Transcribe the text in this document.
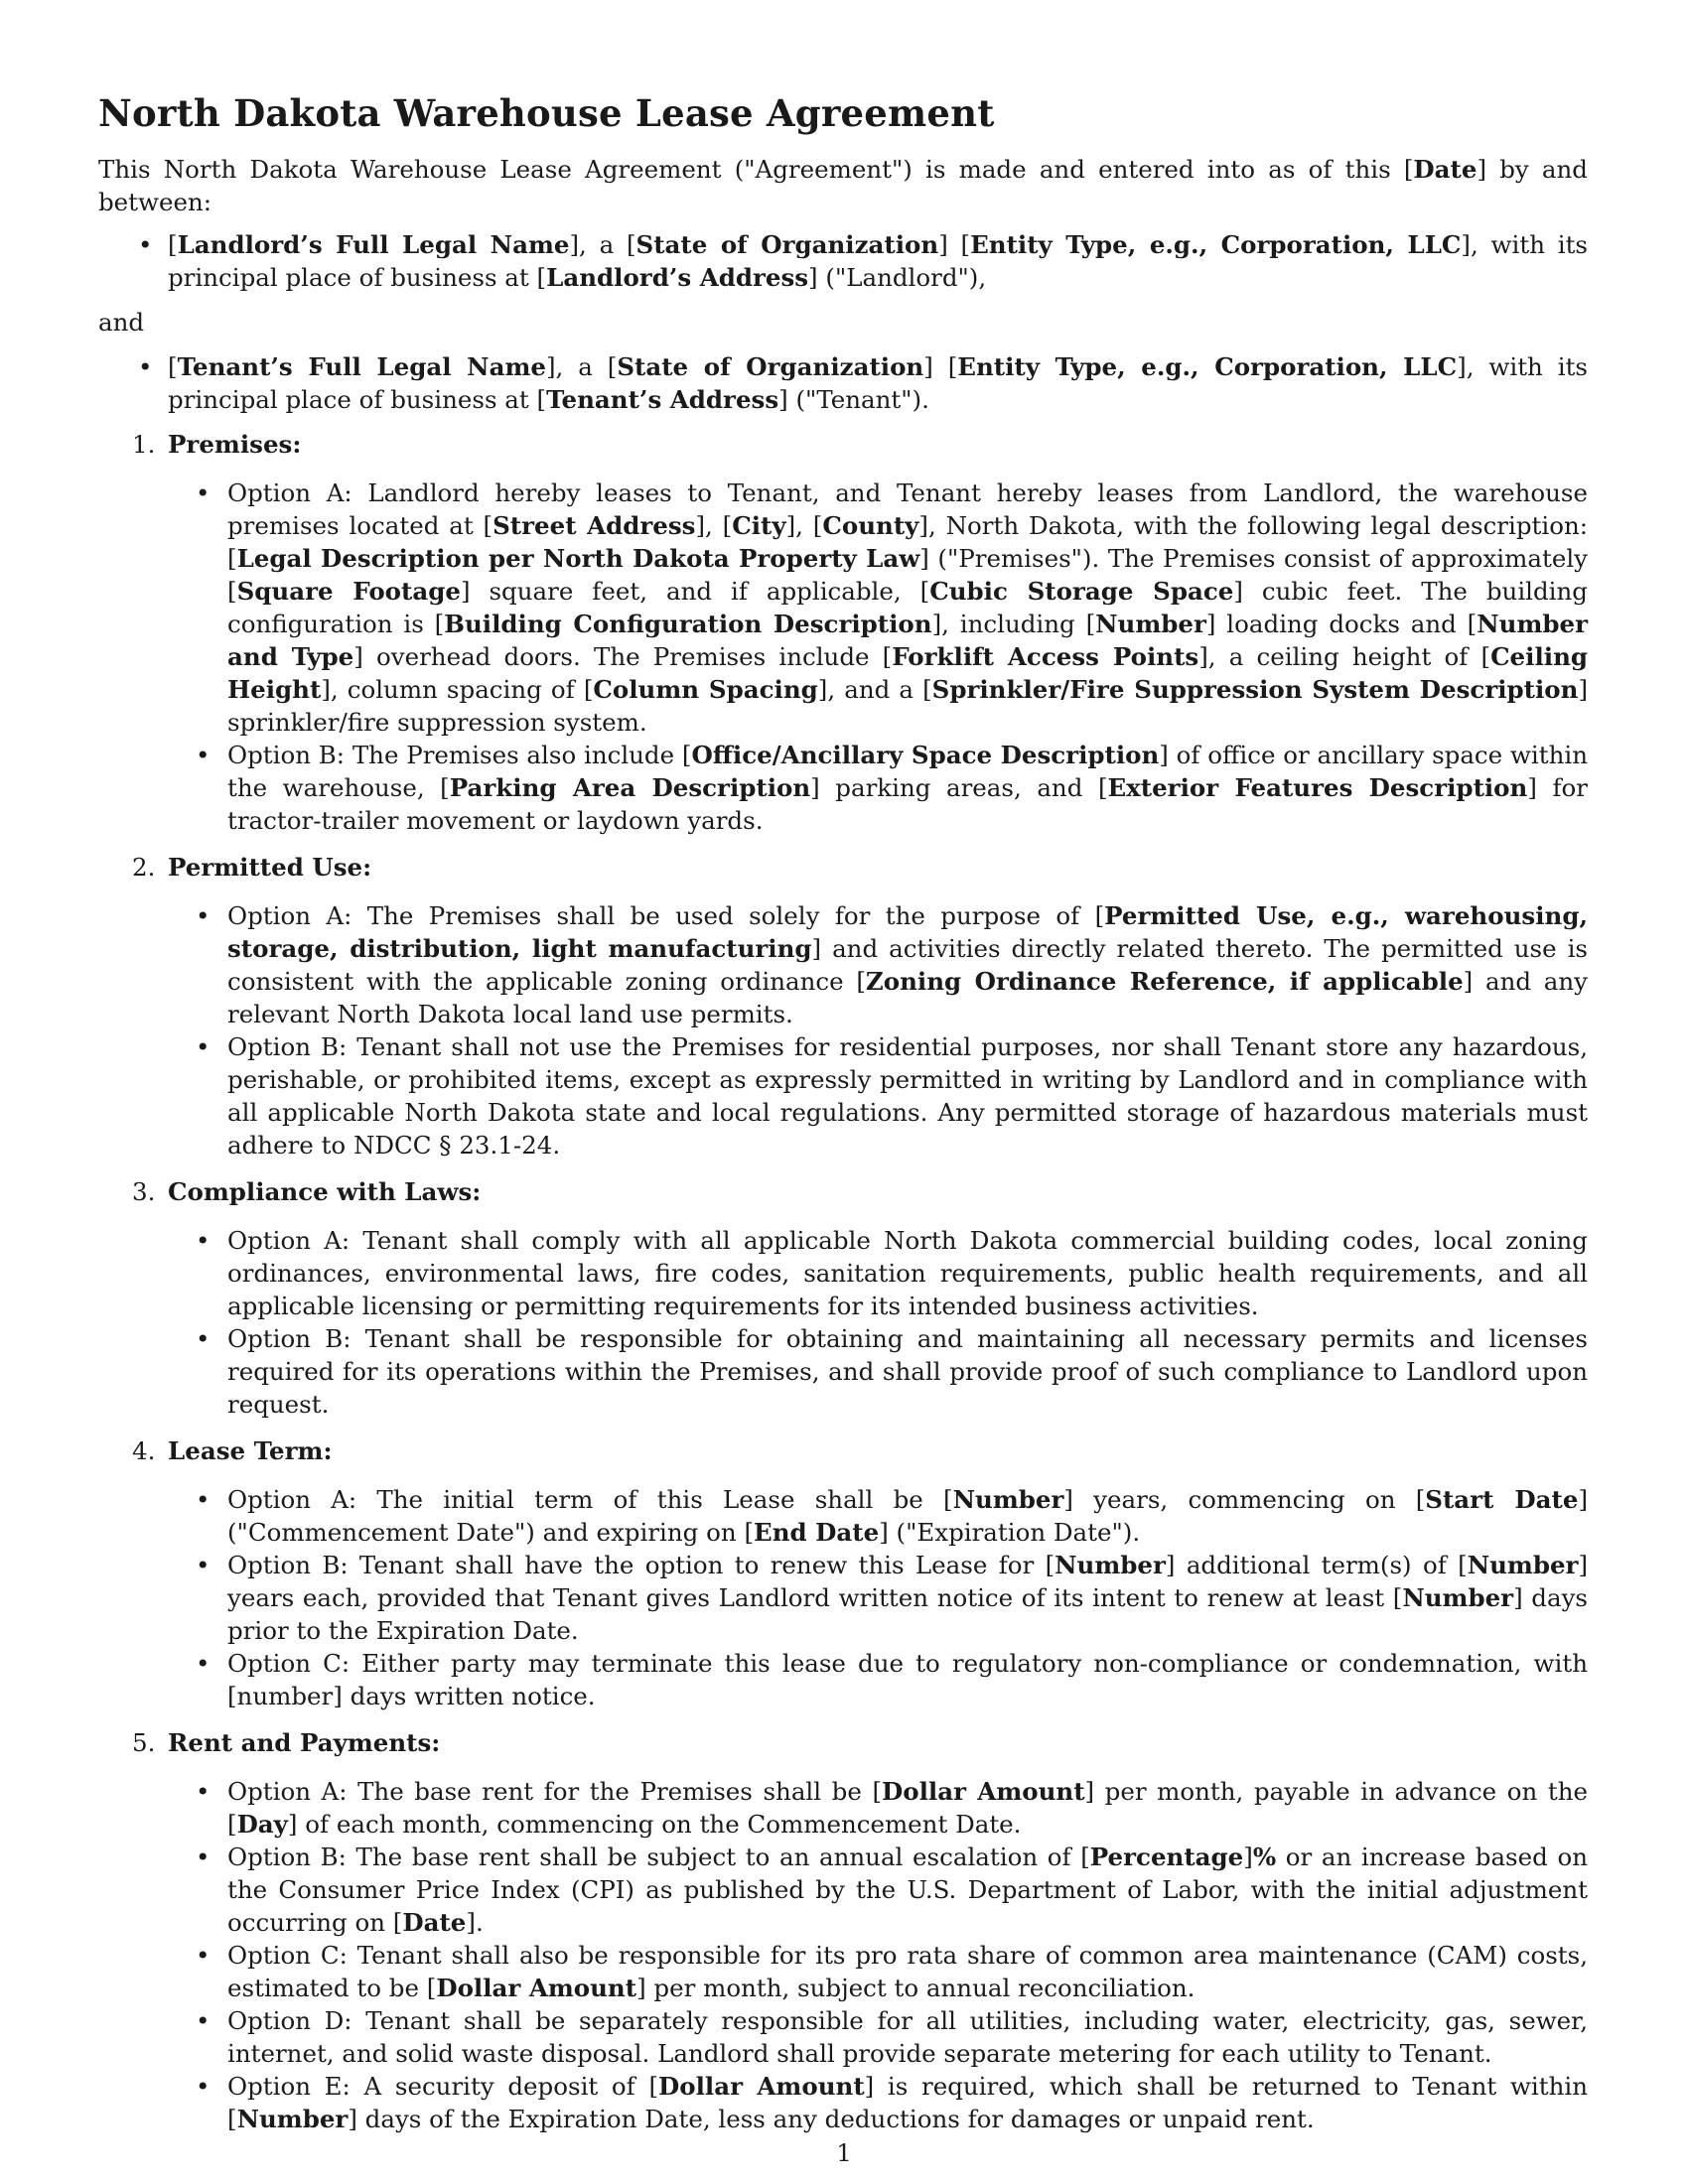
North Dakota Warehouse Lease Agreement

This North Dakota Warehouse Lease Agreement ("Agreement") is made and entered into as of this [Date] by and between:

• [Landlord’s Full Legal Name], a [State of Organization] [Entity Type, e.g., Corporation, LLC], with its principal place of business at [Landlord’s Address] ("Landlord"),

and

• [Tenant’s Full Legal Name], a [State of Organization] [Entity Type, e.g., Corporation, LLC], with its principal place of business at [Tenant’s Address] ("Tenant").
1. Premises:
• Option A: Landlord hereby leases to Tenant, and Tenant hereby leases from Landlord, the warehouse premises located at [Street Address], [City], [County], North Dakota, with the following legal description: [Legal Description per North Dakota Property Law] ("Premises"). The Premises consist of approximately [Square Footage] square feet, and if applicable, [Cubic Storage Space] cubic feet. The building configuration is [Building Configuration Description], including [Number] loading docks and [Number and Type] overhead doors. The Premises include [Forklift Access Points], a ceiling height of [Ceiling Height], column spacing of [Column Spacing], and a [Sprinkler/Fire Suppression System Description] sprinkler/fire suppression system.
• Option B: The Premises also include [Office/Ancillary Space Description] of office or ancillary space within the warehouse, [Parking Area Description] parking areas, and [Exterior Features Description] for tractor-trailer movement or laydown yards.
2. Permitted Use:
• Option A: The Premises shall be used solely for the purpose of [Permitted Use, e.g., warehousing, storage, distribution, light manufacturing] and activities directly related thereto. The permitted use is consistent with the applicable zoning ordinance [Zoning Ordinance Reference, if applicable] and any relevant North Dakota local land use permits.
• Option B: Tenant shall not use the Premises for residential purposes, nor shall Tenant store any hazardous, perishable, or prohibited items, except as expressly permitted in writing by Landlord and in compliance with all applicable North Dakota state and local regulations. Any permitted storage of hazardous materials must adhere to NDCC § 23.1-24.
3. Compliance with Laws:
• Option A: Tenant shall comply with all applicable North Dakota commercial building codes, local zoning ordinances, environmental laws, fire codes, sanitation requirements, public health requirements, and all applicable licensing or permitting requirements for its intended business activities.
• Option B: Tenant shall be responsible for obtaining and maintaining all necessary permits and licenses required for its operations within the Premises, and shall provide proof of such compliance to Landlord upon request.
4. Lease Term:
• Option A: The initial term of this Lease shall be [Number] years, commencing on [Start Date] ("Commencement Date") and expiring on [End Date] ("Expiration Date").
• Option B: Tenant shall have the option to renew this Lease for [Number] additional term(s) of [Number] years each, provided that Tenant gives Landlord written notice of its intent to renew at least [Number] days prior to the Expiration Date.
• Option C: Either party may terminate this lease due to regulatory non-compliance or condemnation, with [number] days written notice.
5. Rent and Payments:
• Option A: The base rent for the Premises shall be [Dollar Amount] per month, payable in advance on the [Day] of each month, commencing on the Commencement Date.
• Option B: The base rent shall be subject to an annual escalation of [Percentage]% or an increase based on the Consumer Price Index (CPI) as published by the U.S. Department of Labor, with the initial adjustment occurring on [Date].
• Option C: Tenant shall also be responsible for its pro rata share of common area maintenance (CAM) costs, estimated to be [Dollar Amount] per month, subject to annual reconciliation.
• Option D: Tenant shall be separately responsible for all utilities, including water, electricity, gas, sewer, internet, and solid waste disposal. Landlord shall provide separate metering for each utility to Tenant.
• Option E: A security deposit of [Dollar Amount] is required, which shall be returned to Tenant within [Number] days of the Expiration Date, less any deductions for damages or unpaid rent.
1
